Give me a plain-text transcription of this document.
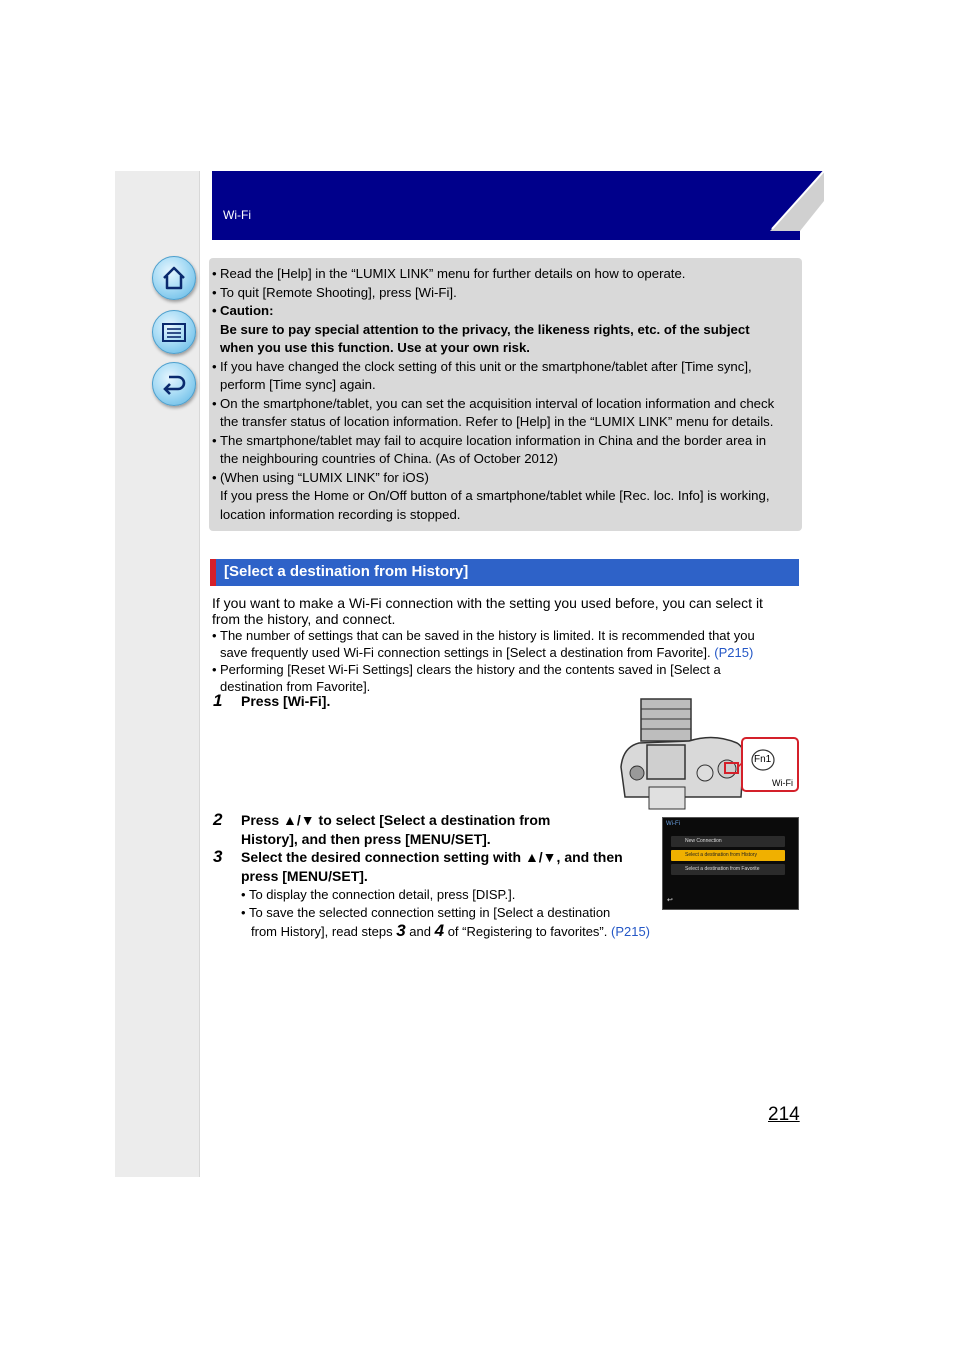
Wi-Fi
• Read the [Help] in the “LUMIX LINK” menu for further details on how to operate.
• To quit [Remote Shooting], press [Wi-Fi].
• Caution:
Be sure to pay special attention to the privacy, the likeness rights, etc. of the subject
when you use this function. Use at your own risk.
• If you have changed the clock setting of this unit or the smartphone/tablet after [Time sync],
perform [Time sync] again.
• On the smartphone/tablet, you can set the acquisition interval of location information and check
the transfer status of location information. Refer to [Help] in the “LUMIX LINK” menu for details.
• The smartphone/tablet may fail to acquire location information in China and the border area in
the neighbouring countries of China. (As of October 2012)
• (When using “LUMIX LINK” for iOS)
If you press the Home or On/Off button of a smartphone/tablet while [Rec. loc. Info] is working,
location information recording is stopped.
[Select a destination from History]
If you want to make a Wi-Fi connection with the setting you used before, you can select it
from the history, and connect.
• The number of settings that can be saved in the history is limited. It is recommended that you
save frequently used Wi-Fi connection settings in [Select a destination from Favorite]. (P215)
• Performing [Reset Wi-Fi Settings] clears the history and the contents saved in [Select a
destination from Favorite].
1 Press [Wi-Fi].
Fn1
Wi-Fi
2 Press ▲/▼ to select [Select a destination from
History], and then press [MENU/SET].
3 Select the desired connection setting with ▲/▼, and then
press [MENU/SET].
• To display the connection detail, press [DISP.].
• To save the selected connection setting in [Select a destination
from History], read steps 3 and 4 of “Registering to favorites”. (P215)
Wi-Fi
New Connection
Select a destination from History
Select a destination from Favorite
↩
214
